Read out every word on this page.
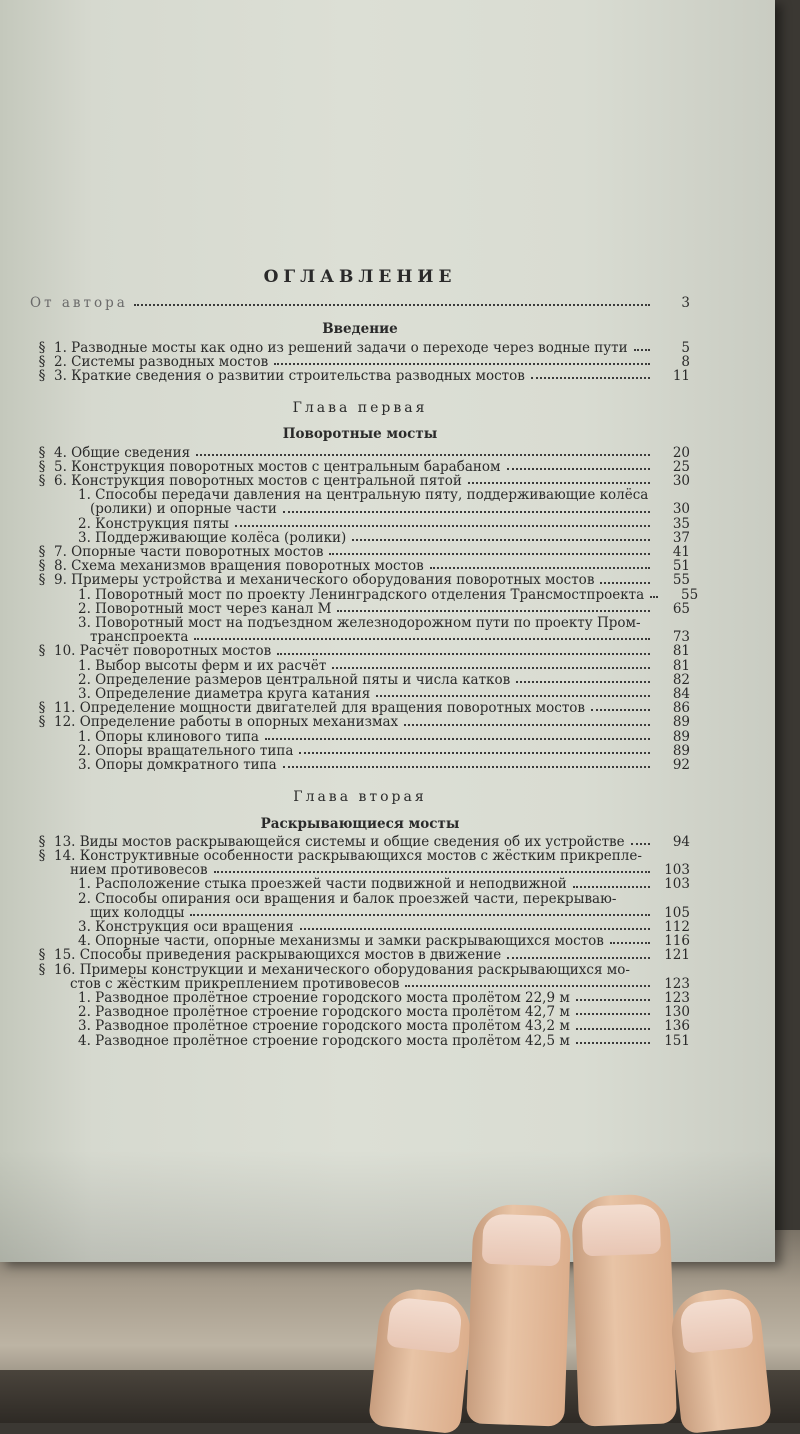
ОГЛАВЛЕНИЕ
От автора	3
Введение
§ 1. Разводные мосты как одно из решений задачи о переходе через водные пути	5
§ 2. Системы разводных мостов	8
§ 3. Краткие сведения о развитии строительства разводных мостов	11
Глава первая
Поворотные мосты
§ 4. Общие сведения	20
§ 5. Конструкция поворотных мостов с центральным барабаном	25
§ 6. Конструкция поворотных мостов с центральной пятой	30
1. Способы передачи давления на центральную пяту, поддерживающие колёса
(ролики) и опорные части	30
2. Конструкция пяты	35
3. Поддерживающие колёса (ролики)	37
§ 7. Опорные части поворотных мостов	41
§ 8. Схема механизмов вращения поворотных мостов	51
§ 9. Примеры устройства и механического оборудования поворотных мостов	55
1. Поворотный мост по проекту Ленинградского отделения Трансмостпроекта	55
2. Поворотный мост через канал М	65
3. Поворотный мост на подъездном железнодорожном пути по проекту Пром-
транспроекта	73
§ 10. Расчёт поворотных мостов	81
1. Выбор высоты ферм и их расчёт	81
2. Определение размеров центральной пяты и числа катков	82
3. Определение диаметра круга катания	84
§ 11. Определение мощности двигателей для вращения поворотных мостов	86
§ 12. Определение работы в опорных механизмах	89
1. Опоры клинового типа	89
2. Опоры вращательного типа	89
3. Опоры домкратного типа	92
Глава вторая
Раскрывающиеся мосты
§ 13. Виды мостов раскрывающейся системы и общие сведения об их устройстве	94
§ 14. Конструктивные особенности раскрывающихся мостов с жёстким прикрепле-
нием противовесов	103
1. Расположение стыка проезжей части подвижной и неподвижной	103
2. Способы опирания оси вращения и балок проезжей части, перекрываю-
щих колодцы	105
3. Конструкция оси вращения	112
4. Опорные части, опорные механизмы и замки раскрывающихся мостов	116
§ 15. Способы приведения раскрывающихся мостов в движение	121
§ 16. Примеры конструкции и механического оборудования раскрывающихся мо-
стов с жёстким прикреплением противовесов	123
1. Разводное пролётное строение городского моста пролётом 22,9 м	123
2. Разводное пролётное строение городского моста пролётом 42,7 м	130
3. Разводное пролётное строение городского моста пролётом 43,2 м	136
4. Разводное пролётное строение городского моста пролётом 42,5 м	151
